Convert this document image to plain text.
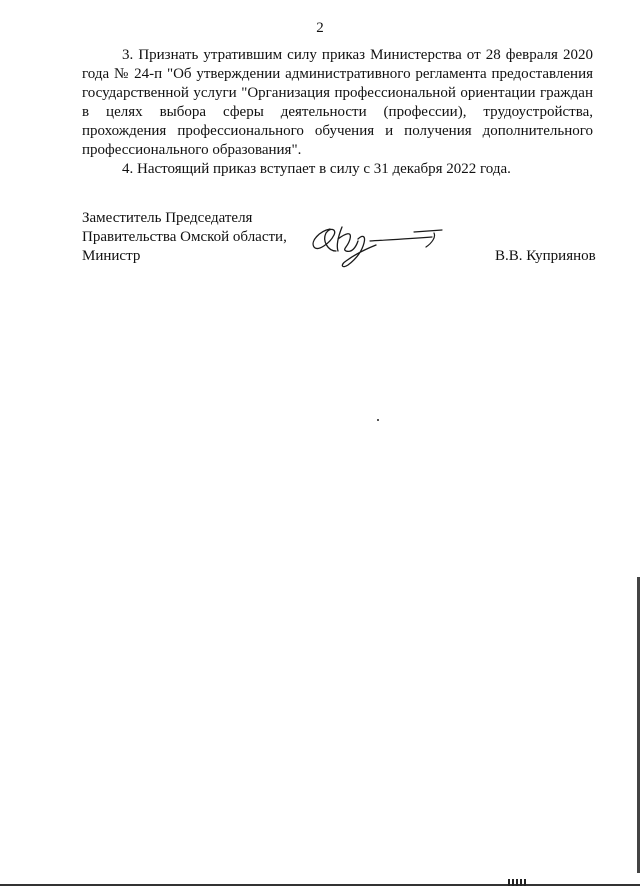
2

3. Признать утратившим силу приказ Министерства от 28 февраля 2020 года № 24-п "Об утверждении административного регламента предоставления государственной услуги "Организация профессиональной ориентации граждан в целях выбора сферы деятельности (профессии), трудоустройства, прохождения профессионального обучения и получения дополнительного профессионального образования".

4. Настоящий приказ вступает в силу с 31 декабря 2022 года.

Заместитель Председателя
Правительства Омской области,
Министр	В.В. Куприянов
